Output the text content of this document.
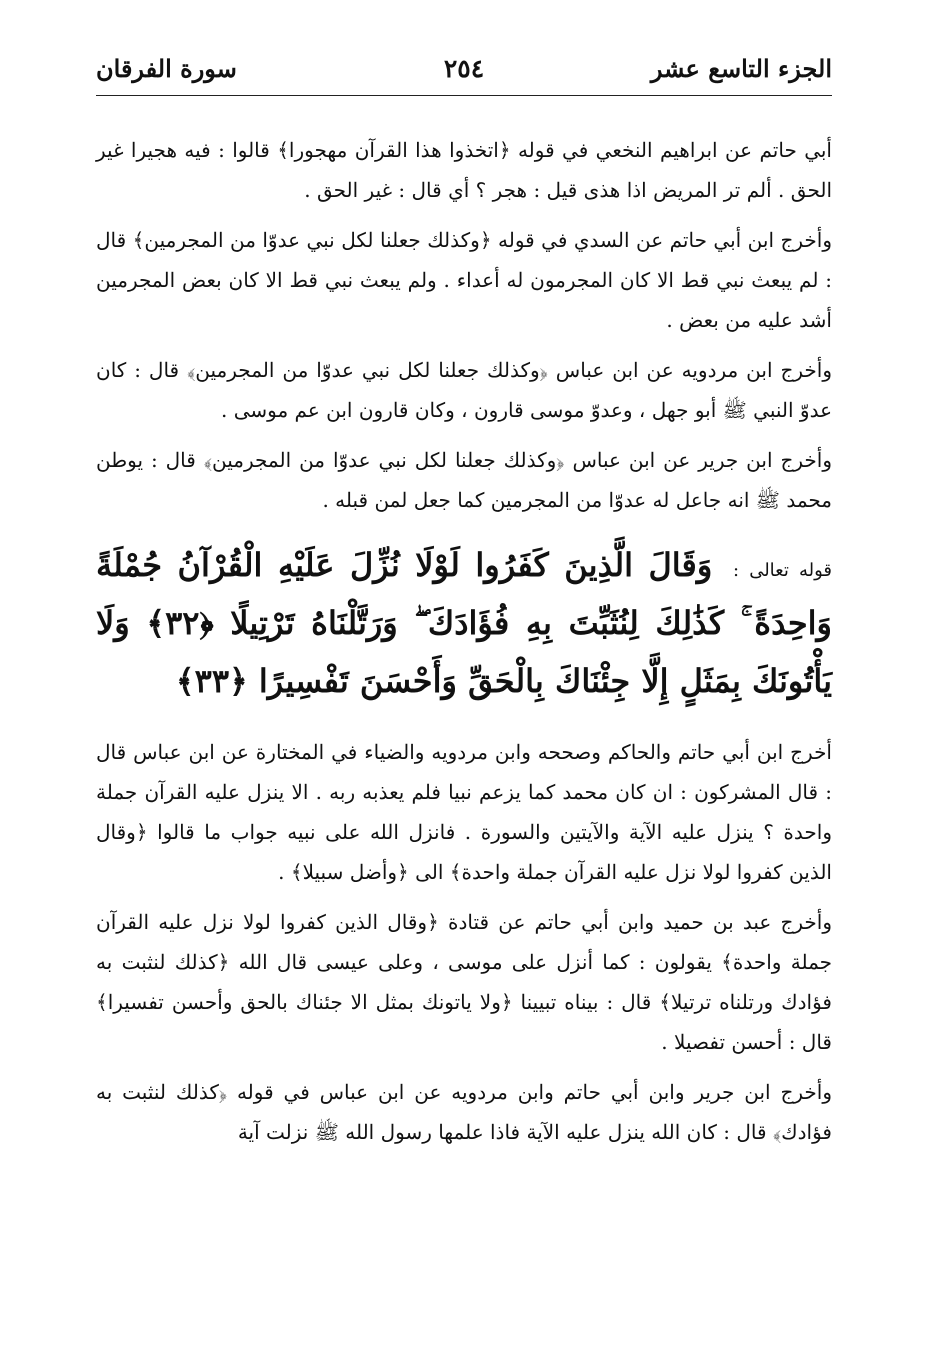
الجزء التاسع عشر
٢٥٤
سورة الفرقان

أبي حاتم عن ابراهيم النخعي في قوله ﴿اتخذوا هذا القرآن مهجورا﴾ قالوا : فيه هجيرا غير الحق . ألم تر المريض اذا هذى قيل : هجر ؟ أي قال : غير الحق .

وأخرج ابن أبي حاتم عن السدي في قوله ﴿وكذلك جعلنا لكل نبي عدوّا من المجرمين﴾ قال : لم يبعث نبي قط الا كان المجرمون له أعداء . ولم يبعث نبي قط الا كان بعض المجرمين أشد عليه من بعض .

وأخرج ابن مردويه عن ابن عباس ﴿وكذلك جعلنا لكل نبي عدوّا من المجرمين﴾ قال : كان عدوّ النبي ﷺ أبو جهل ، وعدوّ موسى قارون ، وكان قارون ابن عم موسى .

وأخرج ابن جرير عن ابن عباس ﴿وكذلك جعلنا لكل نبي عدوّا من المجرمين﴾ قال : يوطن محمد ﷺ انه جاعل له عدوّا من المجرمين كما جعل لمن قبله .

قوله تعالى : وَقَالَ الَّذِينَ كَفَرُوا لَوْلَا نُزِّلَ عَلَيْهِ الْقُرْآنُ جُمْلَةً وَاحِدَةً ۚ كَذَٰلِكَ لِنُثَبِّتَ بِهِ فُؤَادَكَ ۖ وَرَتَّلْنَاهُ تَرْتِيلًا ﴿٣٢﴾ وَلَا يَأْتُونَكَ بِمَثَلٍ إِلَّا جِئْنَاكَ بِالْحَقِّ وَأَحْسَنَ تَفْسِيرًا ﴿٣٣﴾

أخرج ابن أبي حاتم والحاكم وصححه وابن مردويه والضياء في المختارة عن ابن عباس قال : قال المشركون : ان كان محمد كما يزعم نبيا فلم يعذبه ربه . الا ينزل عليه القرآن جملة واحدة ؟ ينزل عليه الآية والآيتين والسورة . فانزل الله على نبيه جواب ما قالوا ﴿وقال الذين كفروا لولا نزل عليه القرآن جملة واحدة﴾ الى ﴿وأضل سبيلا﴾ .

وأخرج عبد بن حميد وابن أبي حاتم عن قتادة ﴿وقال الذين كفروا لولا نزل عليه القرآن جملة واحدة﴾ يقولون : كما أنزل على موسى ، وعلى عيسى قال الله ﴿كذلك لنثبت به فؤادك ورتلناه ترتيلا﴾ قال : بيناه تبيينا ﴿ولا ياتونك بمثل الا جئناك بالحق وأحسن تفسيرا﴾ قال : أحسن تفصيلا .

وأخرج ابن جرير وابن أبي حاتم وابن مردويه عن ابن عباس في قوله ﴿كذلك لنثبت به فؤادك﴾ قال : كان الله ينزل عليه الآية فاذا علمها رسول الله ﷺ نزلت آية
